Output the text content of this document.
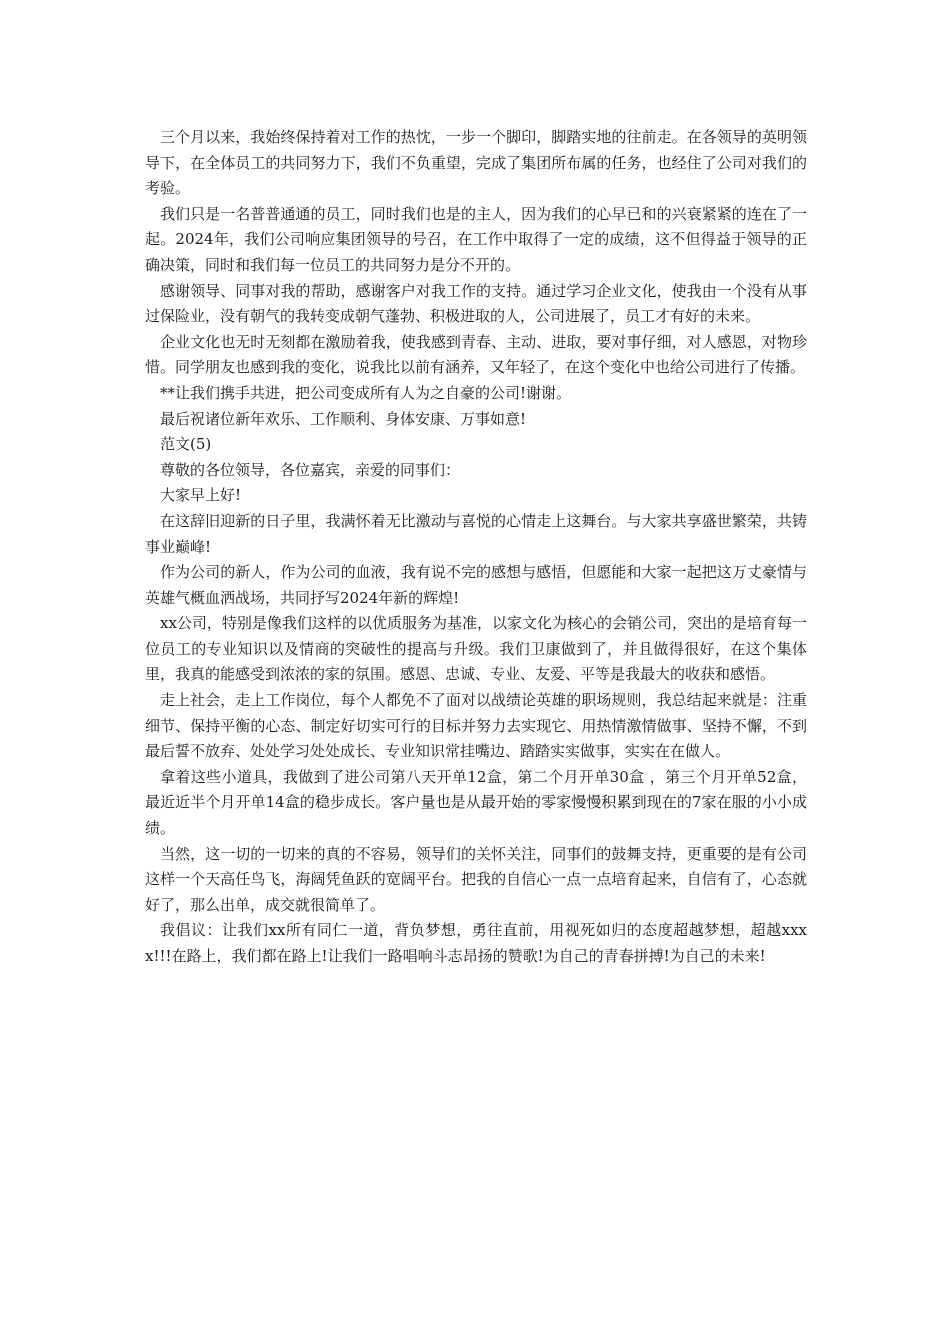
三个月以来，我始终保持着对工作的热忱，一步一个脚印，脚踏实地的往前走。在各领导的英明领导下，在全体员工的共同努力下，我们不负重望，完成了集团所布属的任务，也经住了公司对我们的考验。

我们只是一名普普通通的员工，同时我们也是的主人，因为我们的心早已和的兴衰紧紧的连在了一起。2024年，我们公司响应集团领导的号召，在工作中取得了一定的成绩，这不但得益于领导的正确决策，同时和我们每一位员工的共同努力是分不开的。

感谢领导、同事对我的帮助，感谢客户对我工作的支持。通过学习企业文化，使我由一个没有从事过保险业，没有朝气的我转变成朝气蓬勃、积极进取的人，公司进展了，员工才有好的未来。

企业文化也无时无刻都在激励着我，使我感到青春、主动、进取，要对事仔细，对人感恩，对物珍惜。同学朋友也感到我的变化，说我比以前有涵养，又年轻了，在这个变化中也给公司进行了传播。

**让我们携手共进，把公司变成所有人为之自豪的公司!谢谢。

最后祝诸位新年欢乐、工作顺利、身体安康、万事如意!

范文(5)

尊敬的各位领导，各位嘉宾，亲爱的同事们：

大家早上好!

在这辞旧迎新的日子里，我满怀着无比激动与喜悦的心情走上这舞台。与大家共享盛世繁荣，共铸事业巅峰!

作为公司的新人，作为公司的血液，我有说不完的感想与感悟，但愿能和大家一起把这万丈豪情与英雄气概血洒战场，共同抒写2024年新的辉煌!

xx公司，特别是像我们这样的以优质服务为基准，以家文化为核心的会销公司，突出的是培育每一位员工的专业知识以及情商的突破性的提高与升级。我们卫康做到了，并且做得很好，在这个集体里，我真的能感受到浓浓的家的氛围。感恩、忠诚、专业、友爱、平等是我最大的收获和感悟。

走上社会，走上工作岗位，每个人都免不了面对以战绩论英雄的职场规则，我总结起来就是：注重细节、保持平衡的心态、制定好切实可行的目标并努力去实现它、用热情激情做事、坚持不懈，不到最后誓不放弃、处处学习处处成长、专业知识常挂嘴边、踏踏实实做事，实实在在做人。

拿着这些小道具，我做到了进公司第八天开单12盒，第二个月开单30盒 ，第三个月开单52盒，最近近半个月开单14盒的稳步成长。客户量也是从最开始的零家慢慢积累到现在的7家在服的小小成绩。

当然，这一切的一切来的真的不容易，领导们的关怀关注，同事们的鼓舞支持，更重要的是有公司这样一个天高任鸟飞，海阔凭鱼跃的宽阔平台。把我的自信心一点一点培育起来，自信有了，心态就好了，那么出单，成交就很简单了。

我倡议：让我们xx所有同仁一道，背负梦想，勇往直前，用视死如归的态度超越梦想，超越xxxx!!!在路上，我们都在路上!让我们一路唱响斗志昂扬的赞歌!为自己的青春拼搏!为自己的未来!
